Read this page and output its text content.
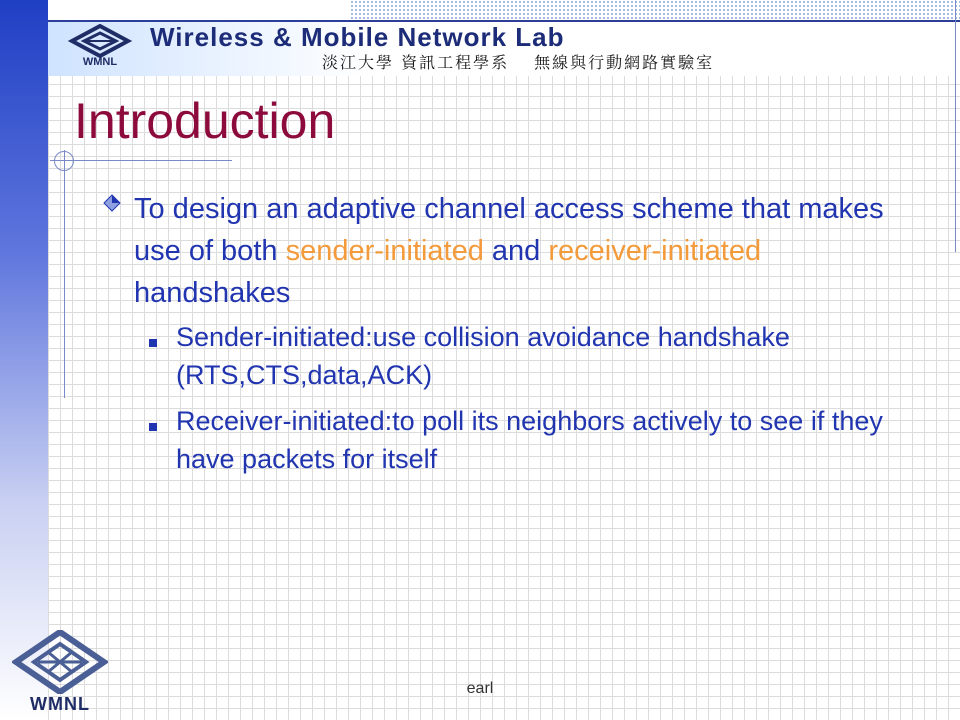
WMNL
Wireless & Mobile Network Lab
淡江大學 資訊工程學系　 無線與行動網路實驗室
Introduction
To design an adaptive channel access scheme that makes use of both sender-initiated and receiver-initiated handshakes
Sender-initiated:use collision avoidance handshake (RTS,CTS,data,ACK)
Receiver-initiated:to poll its neighbors actively to see if they have packets for itself
WMNL
earl
